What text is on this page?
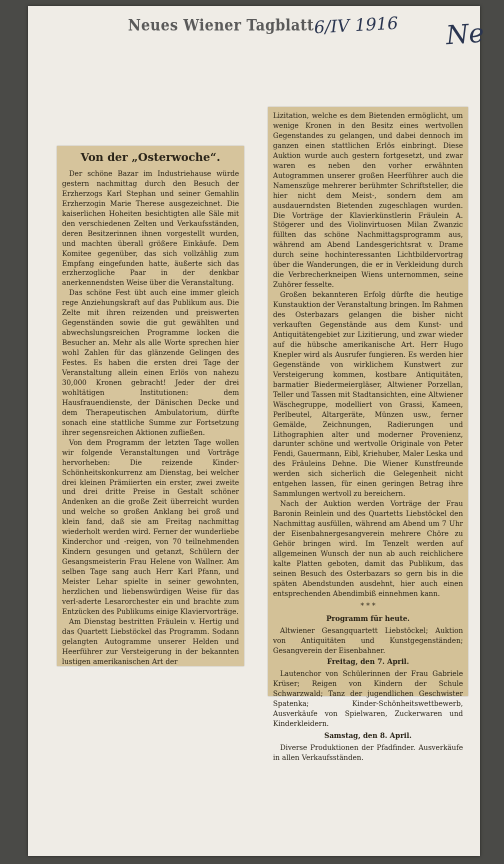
Neues Wiener Tagblatt 6/IV 1916 Ne
Von der „Osterwoche“.

Der schöne Bazar im Industriehause würde gestern nachmittag durch den Besuch der Erzherzogs Karl Stephan und seiner Gemahlin Erzherzogin Marie Therese ausgezeichnet. Die kaiserlichen Hoheiten besichtigten alle Säle mit den verschiedenen Zelten und Verkaufsständen, deren Besitzerinnen ihnen vorgestellt wurden, und machten überall größere Einkäufe. Dem Komitee gegenüber, das sich vollzählig zum Empfang eingefunden hatte, äußerte sich das erzherzogliche Paar in der denkbar anerkennendsten Weise über die Veranstaltung.

Das schöne Fest übt auch eine immer gleich rege Anziehungskraft auf das Publikum aus. Die Zelte mit ihren reizenden und preiswerten Gegenständen sowie die gut gewählten und abwechslungsreichen Programme locken die Besucher an. Mehr als alle Worte sprechen hier wohl Zahlen für das glänzende Gelingen des Festes. Es haben die ersten drei Tage der Veranstaltung allein einen Erlös von nahezu 30,000 Kronen gebracht! Jeder der drei wohltätigen Institutionen: dem Hausfrauendienste, der Dänischen Decke und dem Therapeutischen Ambulatorium, dürfte sonach eine stattliche Summe zur Fortsetzung ihrer segensreichen Aktionen zufließen.

Von dem Programm der letzten Tage wollen wir folgende Veranstaltungen und Vorträge hervorheben: Die reizende Kinder-Schönheitskonkurrenz am Dienstag, bei welcher drei kleinen Prämiierten ein erster, zwei zweite und drei dritte Preise in Gestalt schöner Andenken an die große Zeit überreicht wurden und welche so großen Anklang bei groß und klein fand, daß sie am Freitag nachmittag wiederholt werden wird. Ferner der wunderliebe Kinderchor und -reigen, von 70 teilnehmenden Kindern gesungen und getanzt, Schülern der Gesangsmeisterin Frau Helene von Wallner. Am selben Tage sang auch Herr Karl Pfann, und Meister Lehar spielte in seiner gewohnten, herzlichen und liebenswürdigen Weise für das verl-aderte Lesarorchester ein und brachte zum Entzücken des Publikums einige Klaviervorträge.

Am Dienstag bestritten Fräulein v. Hertig und das Quartett Liebstöckel das Programm. Sodann gelangten Autogramme unserer Helden und Heerführer zur Versteigerung in der bekannten lustigen amerikanischen Art der

Lizitation, welche es dem Bietenden ermöglicht, um wenige Kronen in den Besitz eines wertvollen Gegenstandes zu gelangen, und dabei dennoch im ganzen einen stattlichen Erlös einbringt. Diese Auktion wurde auch gestern fortgesetzt, und zwar waren es neben den vorher erwähnten Autogrammen unserer großen Heerführer auch die Namenszüge mehrerer berühmter Schriftsteller, die hier nicht dem Meist-, sondern dem am ausdauerndsten Bietenden zugeschlagen wurden. Die Vorträge der Klavierkünstlerin Fräulein A. Stögerer und des Violinvirtuosen Milan Zwanzic füllten das schöne Nachmittagsprogramm aus, während am Abend Landesgerichtsrat v. Drame durch seine hochinteressanten Lichtbildervortrag über die Wanderungen, die er in Verkleidung durch die Verbrecherkneipen Wiens unternommen, seine Zuhörer fesselte.

Großen bekannteren Erfolg dürfte die heutige Kunstauktion der Veranstaltung bringen. Im Rahmen des Osterbazars gelangen die bisher nicht verkauften Gegenstände aus dem Kunst- und Antiquitätengebiet zur Lizitierung, und zwar wieder auf die hübsche amerikanische Art. Herr Hugo Knepler wird als Ausrufer fungieren. Es werden hier Gegenstände von wirklichem Kunstwert zur Versteigerung kommen, kostbare Antiquitäten, barmatier Biedermeiergläser, Altwiener Porzellan, Teller und Tassen mit Stadtansichten, eine Altwiener Wäschegruppe, modelliert von Grassi, Kameen, Perlbeutel, Altargeräte, Münzen usw., ferner Gemälde, Zeichnungen, Radierungen und Lithographien alter und moderner Provenienz, darunter schöne und wertvolle Originale von Peter Fendi, Gauermann, Eibl, Kriehuber, Maler Leska und des Fräuleins Dehne. Die Wiener Kunstfreunde werden sich sicherlich die Gelegenheit nicht entgehen lassen, für einen geringen Betrag ihre Sammlungen wertvoll zu bereichern.

Nach der Auktion werden Vorträge der Frau Baronin Reinlein und des Quartetts Liebstöckel den Nachmittag ausfüllen, während am Abend um 7 Uhr der Eisenbahnergesangverein mehrere Chöre zu Gehör bringen wird. Im Tenzelt werden auf allgemeinen Wunsch der nun ab auch reichlichere kalte Platten geboten, damit das Publikum, das seinen Besuch des Osterbazars so gern bis in die späten Abendstunden ausdehnt, hier auch einen entsprechenden Abendimbiß einnehmen kann.

* * *
Programm für heute.

Altwiener Gesangquartett Liebstöckel; Auktion von Antiquitäten und Kunstgegenständen; Gesangverein der Eisenbahner.

Freitag, den 7. April.

Lautenchor von Schülerinnen der Frau Gabriele Krüser; Reigen von Kindern der Schule Schwarzwald; Tanz der jugendlichen Geschwister Spatenka; Kinder-Schönheitswettbewerb, Ausverkäufe von Spielwaren, Zuckerwaren und Kinderkleidern.

Samstag, den 8. April.

Diverse Produktionen der Pfadfinder. Ausverkäufe in allen Verkaufsständen.
